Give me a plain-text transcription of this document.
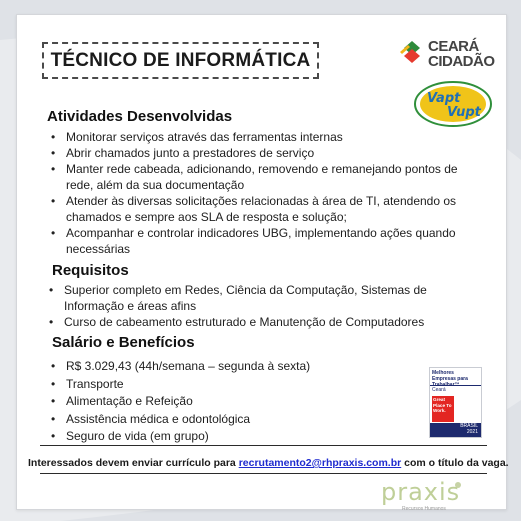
TÉCNICO DE INFORMÁTICA
CEARÁ
CIDADÃO
Vapt
Vupt
Atividades Desenvolvidas
• Monitorar serviços através das ferramentas internas
• Abrir chamados junto a prestadores de serviço
• Manter rede cabeada, adicionando, removendo e remanejando pontos de rede, além da sua documentação
• Atender às diversas solicitações relacionadas à área de TI, atendendo os chamados e sempre aos SLA de resposta e solução;
• Acompanhar e controlar indicadores UBG, implementando ações quando necessárias
Requisitos
• Superior completo em Redes, Ciência da Computação, Sistemas de Informação e áreas afins
• Curso de cabeamento estruturado e Manutenção de Computadores
Salário e Benefícios
• R$ 3.029,43 (44h/semana – segunda à sexta)
• Transporte
• Alimentação e Refeição
• Assistência médica e odontológica
• Seguro de vida (em grupo)
Melhores Empresas para Trabalhar™
Ceará
Great Place To Work.
BRASIL
2021
Interessados devem enviar currículo para recrutamento2@rhpraxis.com.br com o título da vaga.
praxis
Recursos Humanos
